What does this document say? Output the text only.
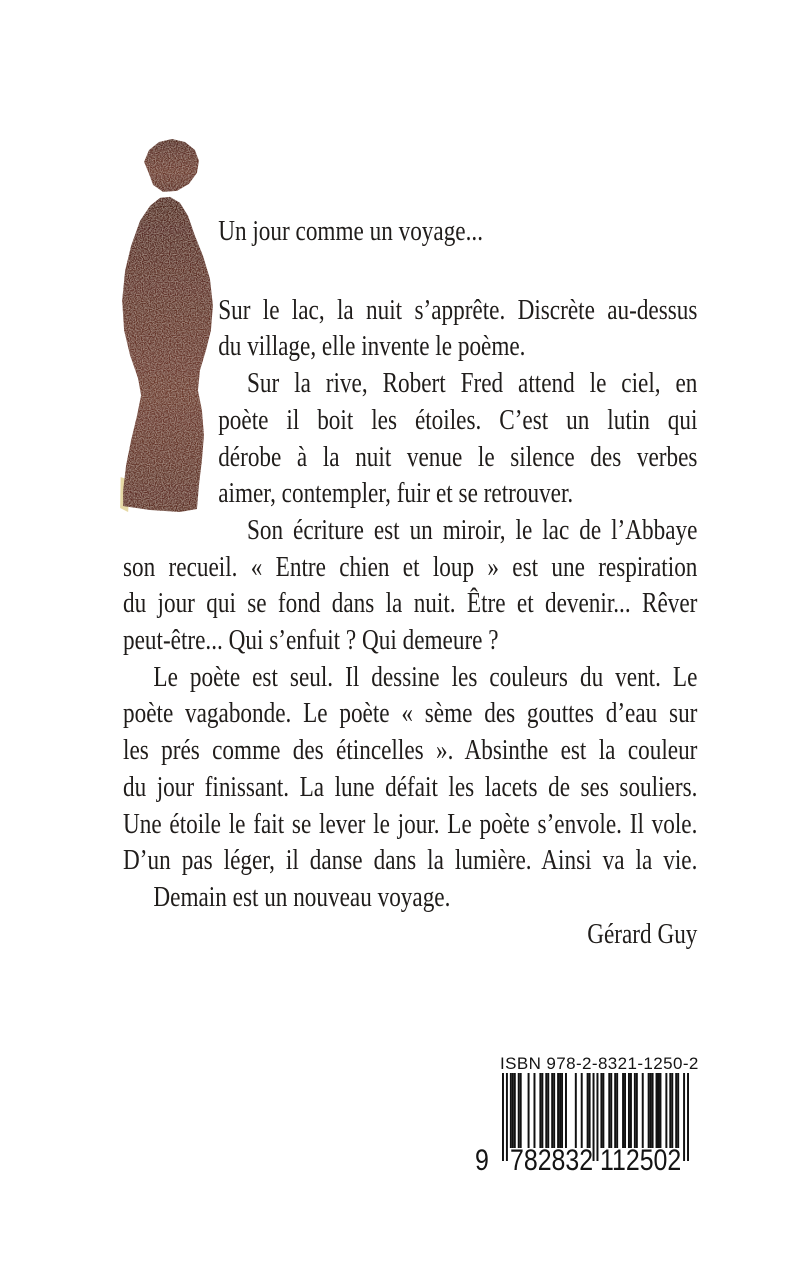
Un jour comme un voyage...
Sur le lac, la nuit s’apprête. Discrète au-dessus
du village, elle invente le poème.
Sur la rive, Robert Fred attend le ciel, en
poète il boit les étoiles. C’est un lutin qui
dérobe à la nuit venue le silence des verbes
aimer, contempler, fuir et se retrouver.
Son écriture est un miroir, le lac de l’Abbaye
son recueil. « Entre chien et loup » est une respiration
du jour qui se fond dans la nuit. Être et devenir... Rêver
peut-être... Qui s’enfuit ? Qui demeure ?
Le poète est seul. Il dessine les couleurs du vent. Le
poète vagabonde. Le poète « sème des gouttes d’eau sur
les prés comme des étincelles ». Absinthe est la couleur
du jour finissant. La lune défait les lacets de ses souliers.
Une étoile le fait se lever le jour. Le poète s’envole. Il vole.
D’un pas léger, il danse dans la lumière. Ainsi va la vie.
Demain est un nouveau voyage.
Gérard Guy
ISBN 978-2-8321-1250-2
9 782832 112502
